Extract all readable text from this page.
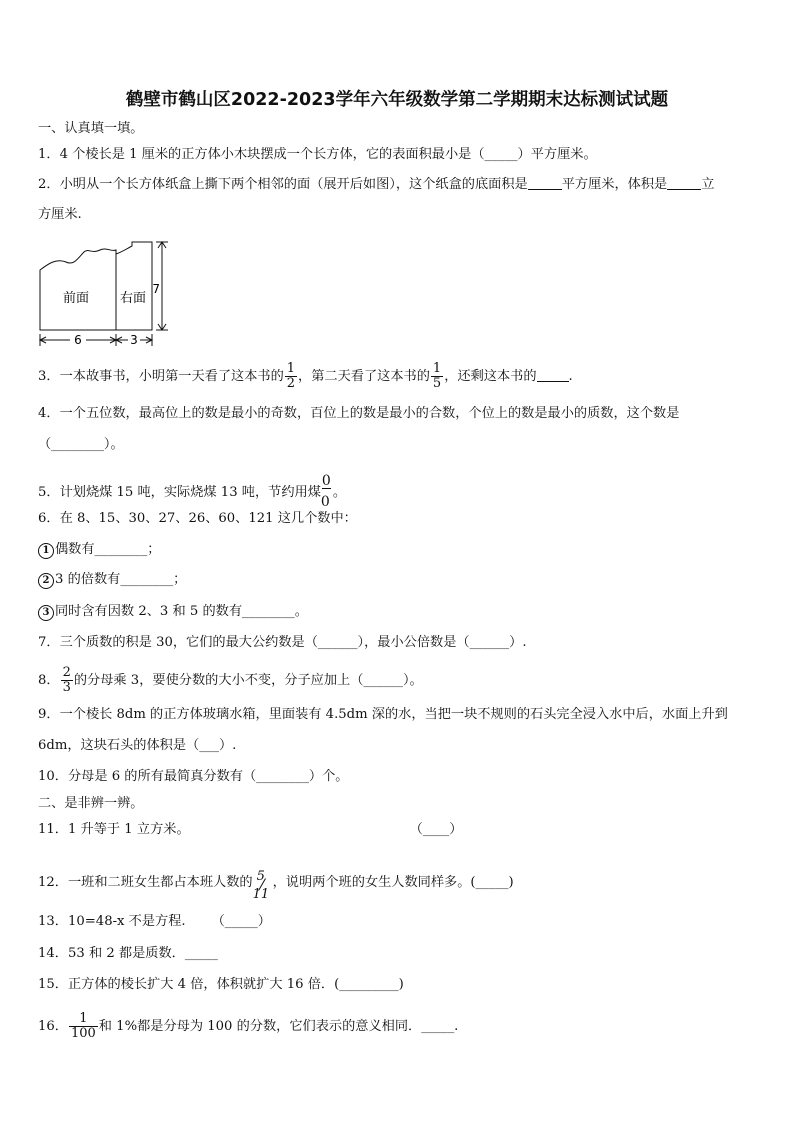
鹤壁市鹤山区2022-2023学年六年级数学第二学期期末达标测试试题
一、认真填一填。
1．4 个棱长是 1 厘米的正方体小木块摆成一个长方体，它的表面积最小是（_____）平方厘米。
2．小明从一个长方体纸盒上撕下两个相邻的面（展开后如图），这个纸盒的底面积是	平方厘米，体积是	立
方厘米.
前面 右面
7
6	3
3．一本故事书，小明第一天看了这本书的 $\frac{1}{2}$ ，第二天看了这本书的 $\frac{1}{5}$ ，还剩这本书的 .
4．一个五位数，最高位上的数是最小的奇数，百位上的数是最小的合数，个位上的数是最小的质数，这个数是
（________）。
5．计划烧煤 15 吨，实际烧煤 13 吨，节约用煤
$\frac{0}{0}$
。
6．在 8、15、30、27、26、60、121 这几个数中：
1 偶数有________；
2 3 的倍数有________；
3 同时含有因数 2、3 和 5 的数有________。
7．三个质数的积是 30，它们的最大公约数是（______），最小公倍数是（______）.
8． $\frac{2}{3}$ 的分母乘 3，要使分数的大小不变，分子应加上（______）。
9．一个棱长 8dm 的正方体玻璃水箱，里面装有 4.5dm 深的水，当把一块不规则的石头完全浸入水中后，水面上升到
6dm，这块石头的体积是（___）.
10．分母是 6 的所有最简真分数有（________）个。
二、是非辨一辨。
11．1 升等于 1 立方米。	（____）
12．一班和二班女生都占本班人数的 5
11
，说明两个班的女生人数同样多。(_____)
13．10=48-x 不是方程. （_____）
14．53 和 2 都是质数．_____
15．正方体的棱长扩大 4 倍，体积就扩大 16 倍．(_________)
16． $\frac{1}{100}$ 和 1%都是分母为 100 的分数，它们表示的意义相同．_____.
